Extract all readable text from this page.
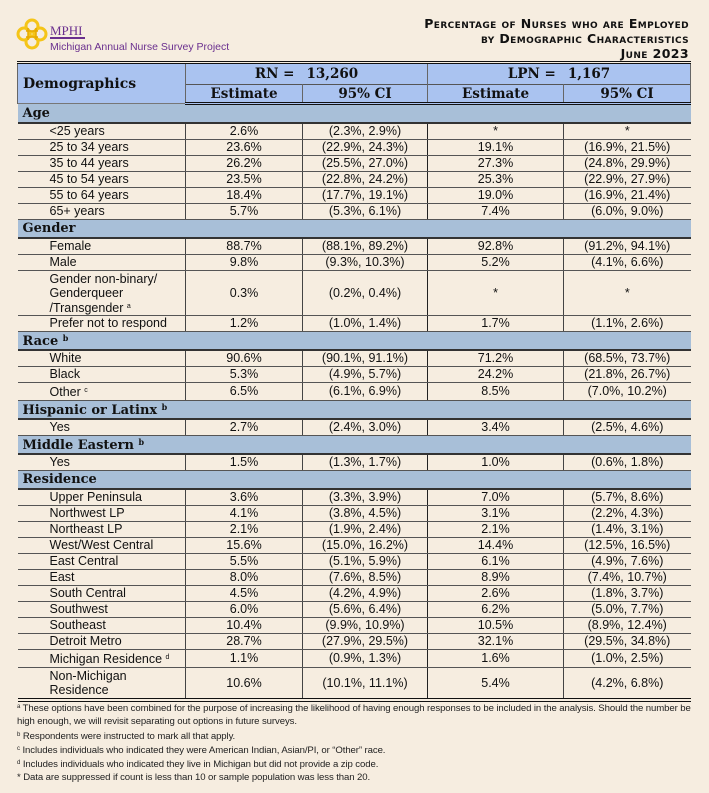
MPHI
Michigan Annual Nurse Survey Project
Percentage of Nurses who are Employed
by Demographic Characteristics
June 2023
Demographics	RN = 13,260		LPN = 1,167	
	Estimate	95% CI	Estimate	95% CI
Age				
<25 years	2.6%	(2.3%, 2.9%)	*	*
25 to 34 years	23.6%	(22.9%, 24.3%)	19.1%	(16.9%, 21.5%)
35 to 44 years	26.2%	(25.5%, 27.0%)	27.3%	(24.8%, 29.9%)
45 to 54 years	23.5%	(22.8%, 24.2%)	25.3%	(22.9%, 27.9%)
55 to 64 years	18.4%	(17.7%, 19.1%)	19.0%	(16.9%, 21.4%)
65+ years	5.7%	(5.3%, 6.1%)	7.4%	(6.0%, 9.0%)
Gender				
Female	88.7%	(88.1%, 89.2%)	92.8%	(91.2%, 94.1%)
Male	9.8%	(9.3%, 10.3%)	5.2%	(4.1%, 6.6%)

Gender non-binary/
Genderqueer
/Transgender $^a$	0.3%	(0.2%, 0.4%)	*	*
Prefer not to respond	1.2%	(1.0%, 1.4%)	1.7%	(1.1%, 2.6%)
Race $^b$
White	90.6%	(90.1%, 91.1%)	71.2%	(68.5%, 73.7%)
Black	5.3%	(4.9%, 5.7%)	24.2%	(21.8%, 26.7%)
Other $^c$	6.5%	(6.1%, 6.9%)	8.5%	(7.0%, 10.2%)
Hispanic or Latinx $^b$
Yes	2.7%	(2.4%, 3.0%)	3.4%	(2.5%, 4.6%)
Middle Eastern $^b$
Yes	1.5%	(1.3%, 1.7%)	1.0%	(0.6%, 1.8%)
Residence				
Upper Peninsula	3.6%	(3.3%, 3.9%)	7.0%	(5.7%, 8.6%)
Northwest LP	4.1%	(3.8%, 4.5%)	3.1%	(2.2%, 4.3%)
Northeast LP	2.1%	(1.9%, 2.4%)	2.1%	(1.4%, 3.1%)
West/West Central	15.6%	(15.0%, 16.2%)	14.4%	(12.5%, 16.5%)
East Central	5.5%	(5.1%, 5.9%)	6.1%	(4.9%, 7.6%)
East	8.0%	(7.6%, 8.5%)	8.9%	(7.4%, 10.7%)
South Central	4.5%	(4.2%, 4.9%)	2.6%	(1.8%, 3.7%)
Southwest	6.0%	(5.6%, 6.4%)	6.2%	(5.0%, 7.7%)
Southeast	10.4%	(9.9%, 10.9%)	10.5%	(8.9%, 12.4%)
Detroit Metro	28.7%	(27.9%, 29.5%)	32.1%	(29.5%, 34.8%)
Michigan Residence $^d$	1.1%	(0.9%, 1.3%)	1.6%	(1.0%, 2.5%)

Non-Michigan
Residence	10.6%	(10.1%, 11.1%)	5.4%	(4.2%, 6.8%)
$^a$ These options have been combined for the purpose of increasing the likelihood of having enough responses to be included in the analysis. Should the number be high enough, we will revisit separating out options in future surveys.
$^b$ Respondents were instructed to mark all that apply.
$^c$ Includes individuals who indicated they were American Indian, Asian/PI, or “Other” race.
$^d$ Includes individuals who indicated they live in Michigan but did not provide a zip code.
* Data are suppressed if count is less than 10 or sample population was less than 20.
